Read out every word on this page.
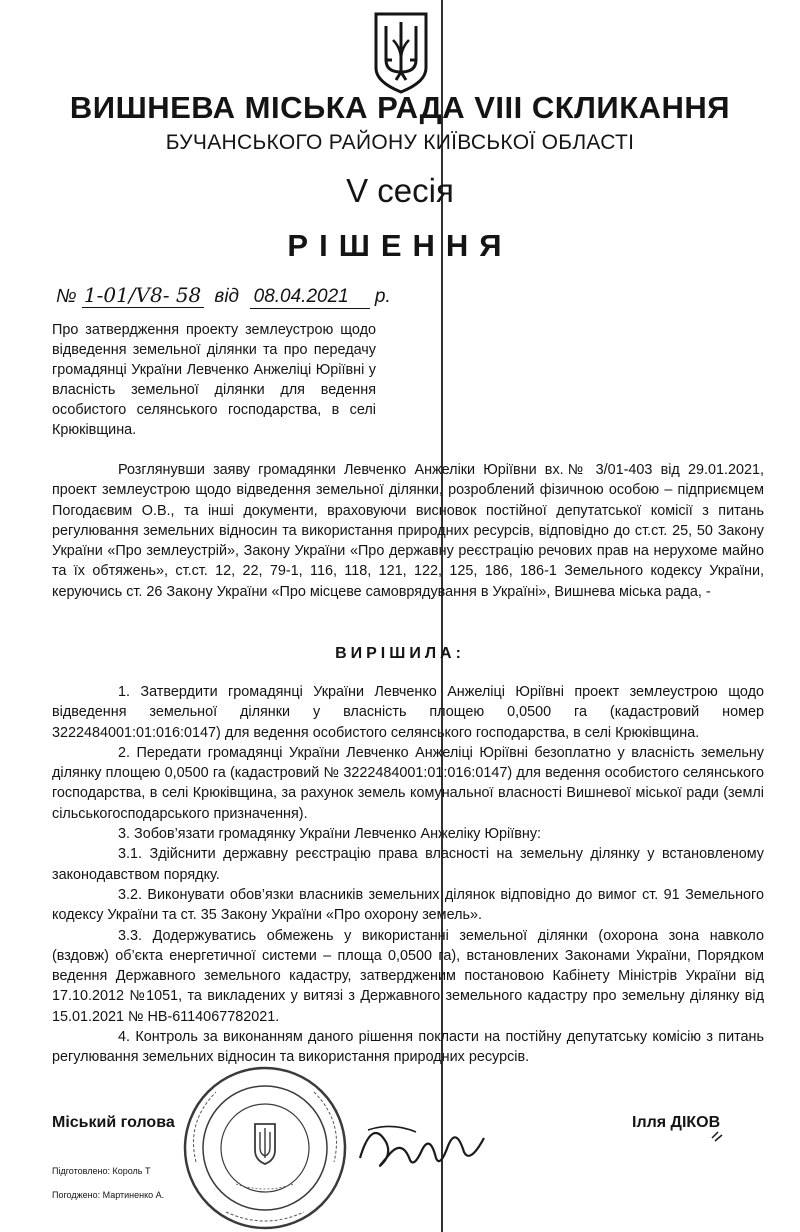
ВИШНЕВА МІСЬКА РАДА VIII СКЛИКАННЯ
БУЧАНСЬКОГО РАЙОНУ КИЇВСЬКОЇ ОБЛАСТІ
V сесія
РІШЕННЯ
№ 1-01/V8- 58 від 08.04.2021 р.
Про затвердження проекту землеустрою щодо відведення земельної ділянки та про передачу громадянці України Левченко Анжеліці Юріївні у власність земельної ділянки для ведення особистого селянського господарства, в селі Крюківщина.

Розглянувши заяву громадянки Левченко Анжеліки Юріївни вх.№ 3/01-403 від 29.01.2021, проект землеустрою щодо відведення земельної ділянки, розроблений фізичною особою – підприємцем Погодаєвим О.В., та інші документи, враховуючи висновок постійної депутатської комісії з питань регулювання земельних відносин та використання природних ресурсів, відповідно до ст.ст. 25, 50 Закону України «Про землеустрій», Закону України «Про державну реєстрацію речових прав на нерухоме майно та їх обтяжень», ст.ст. 12, 22, 79-1, 116, 118, 121, 122, 125, 186, 186-1 Земельного кодексу України, керуючись ст. 26 Закону України «Про місцеве самоврядування в Україні», Вишнева міська рада, -

ВИРІШИЛА:

1. Затвердити громадянці України Левченко Анжеліці Юріївні проект землеустрою щодо відведення земельної ділянки у власність площею 0,0500 га (кадастровий номер 3222484001:01:016:0147) для ведення особистого селянського господарства, в селі Крюківщина.

2. Передати громадянці України Левченко Анжеліці Юріївні безоплатно у власність земельну ділянку площею 0,0500 га (кадастровий № 3222484001:01:016:0147) для ведення особистого селянського господарства, в селі Крюківщина, за рахунок земель комунальної власності Вишневої міської ради (землі сільськогосподарського призначення).

3. Зобов’язати громадянку України Левченко Анжеліку Юріївну:

3.1. Здійснити державну реєстрацію права власності на земельну ділянку у встановленому законодавством порядку.

3.2. Виконувати обов’язки власників земельних ділянок відповідно до вимог ст. 91 Земельного кодексу України та ст. 35 Закону України «Про охорону земель».

3.3. Додержуватись обмежень у використанні земельної ділянки (охорона зона навколо (вздовж) об’єкта енергетичної системи – площа 0,0500 га), встановлених Законами України, Порядком ведення Державного земельного кадастру, затвердженим постановою Кабінету Міністрів України від 17.10.2012 №1051, та викладених у витязі з Державного земельного кадастру про земельну ділянку від 15.01.2021 № НВ-6114067782021.

4. Контроль за виконанням даного рішення покласти на постійну депутатську комісію з питань регулювання земельних відносин та використання природних ресурсів.

Міський голова	Ілля ДІКОВ
Підготовлено: Король Т
Погоджено: Мартиненко А.
